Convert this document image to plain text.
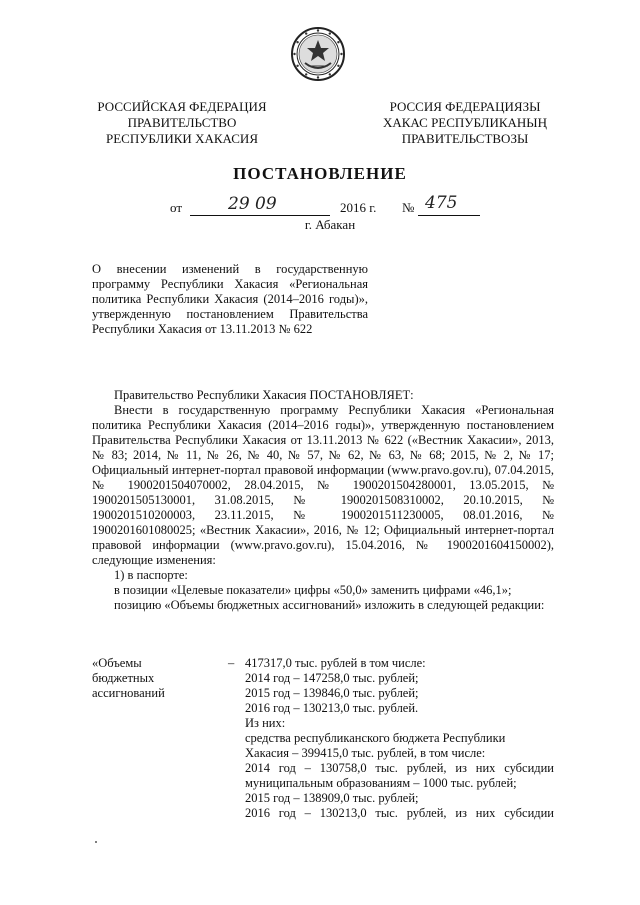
РОССИЙСКАЯ ФЕДЕРАЦИЯ
ПРАВИТЕЛЬСТВО
РЕСПУБЛИКИ ХАКАСИЯ
РОССИЯ ФЕДЕРАЦИЯЗЫ
ХАКАС РЕСПУБЛИКАНЫҢ
ПРАВИТЕЛЬСТВОЗЫ
ПОСТАНОВЛЕНИЕ
от	29 09	2016 г. № 475
г. Абакан
О внесении изменений в государственную программу Республики Хакасия «Региональная политика Республики Хакасия (2014–2016 годы)», утвержденную постановлением Правительства Республики Хакасия от 13.11.2013 № 622

Правительство Республики Хакасия ПОСТАНОВЛЯЕТ:

Внести в государственную программу Республики Хакасия «Региональная политика Республики Хакасия (2014–2016 годы)», утвержденную постановлением Правительства Республики Хакасия от 13.11.2013 № 622 («Вестник Хакасии», 2013, № 83; 2014, № 11, № 26, № 40, № 57, № 62, № 63, № 68; 2015, № 2, № 17; Официальный интернет-портал правовой информации (www.pravo.gov.ru), 07.04.2015, № 1900201504070002, 28.04.2015, № 1900201504280001, 13.05.2015, № 1900201505130001, 31.08.2015, № 1900201508310002, 20.10.2015, № 1900201510200003, 23.11.2015, № 1900201511230005, 08.01.2016, № 1900201601080025; «Вестник Хакасии», 2016, № 12; Официальный интернет-портал правовой информации (www.pravo.gov.ru), 15.04.2016, № 1900201604150002), следующие изменения:

1) в паспорте:

в позиции «Целевые показатели» цифры «50,0» заменить цифрами «46,1»;

позицию «Объемы бюджетных ассигнований» изложить в следующей редакции:

«Объемы
бюджетных
ассигнований
– 417317,0 тыс. рублей в том числе:
2014 год – 147258,0 тыс. рублей;
2015 год – 139846,0 тыс. рублей;
2016 год – 130213,0 тыс. рублей.
Из них:
средства республиканского бюджета Республики
Хакасия – 399415,0 тыс. рублей, в том числе:
2014 год – 130758,0 тыс. рублей, из них субсидии
муниципальным образованиям – 1000 тыс. рублей;
2015 год – 138909,0 тыс. рублей;
2016 год – 130213,0 тыс. рублей, из них субсидии
